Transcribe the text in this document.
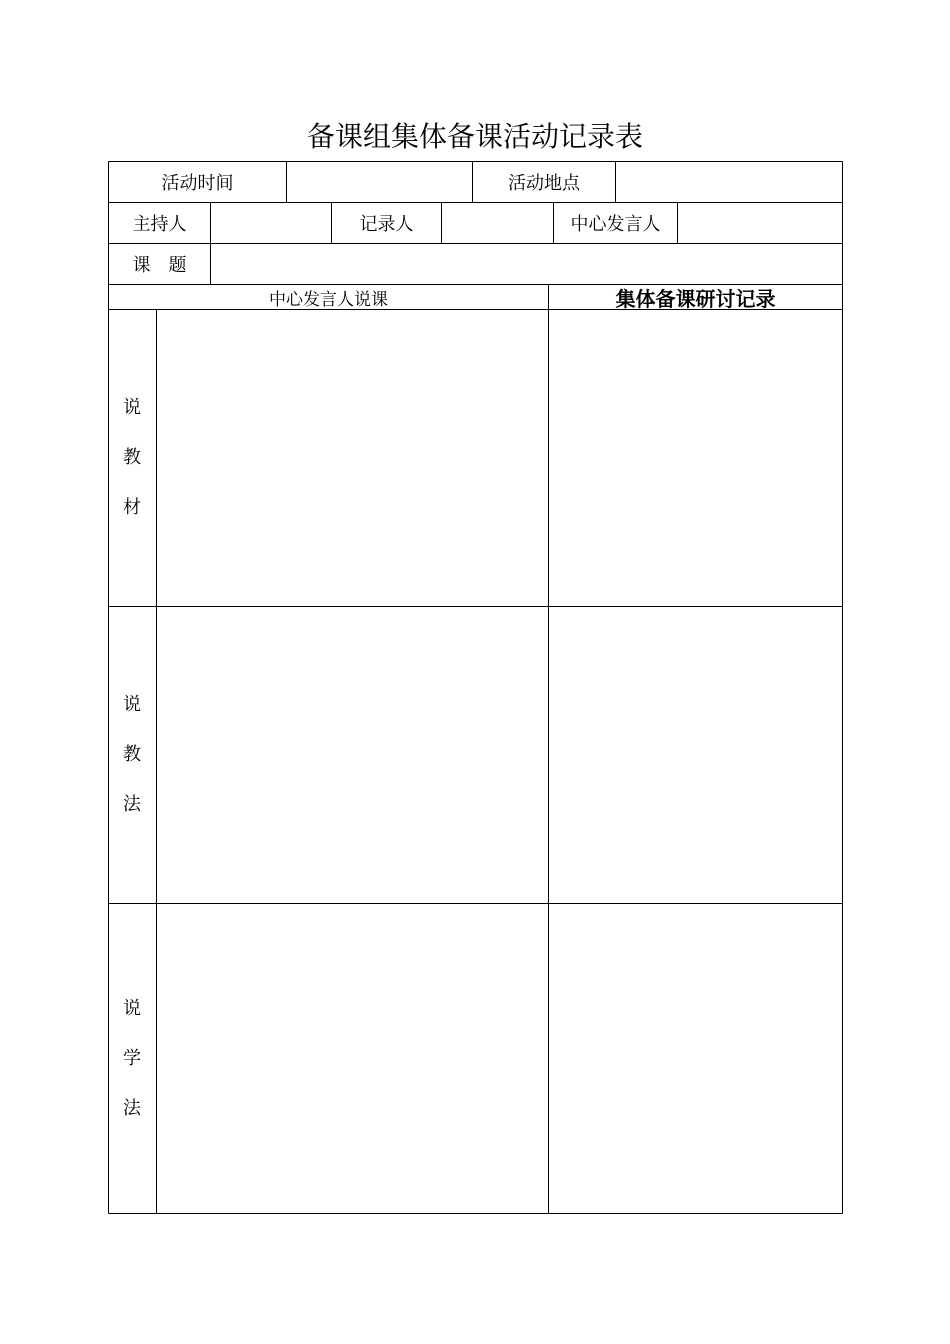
备课组集体备课活动记录表
活动时间	活动地点
主持人	记录人	中心发言人
课　题
中心发言人说课	集体备课研讨记录
说
教
材
说
教
法
说
学
法
